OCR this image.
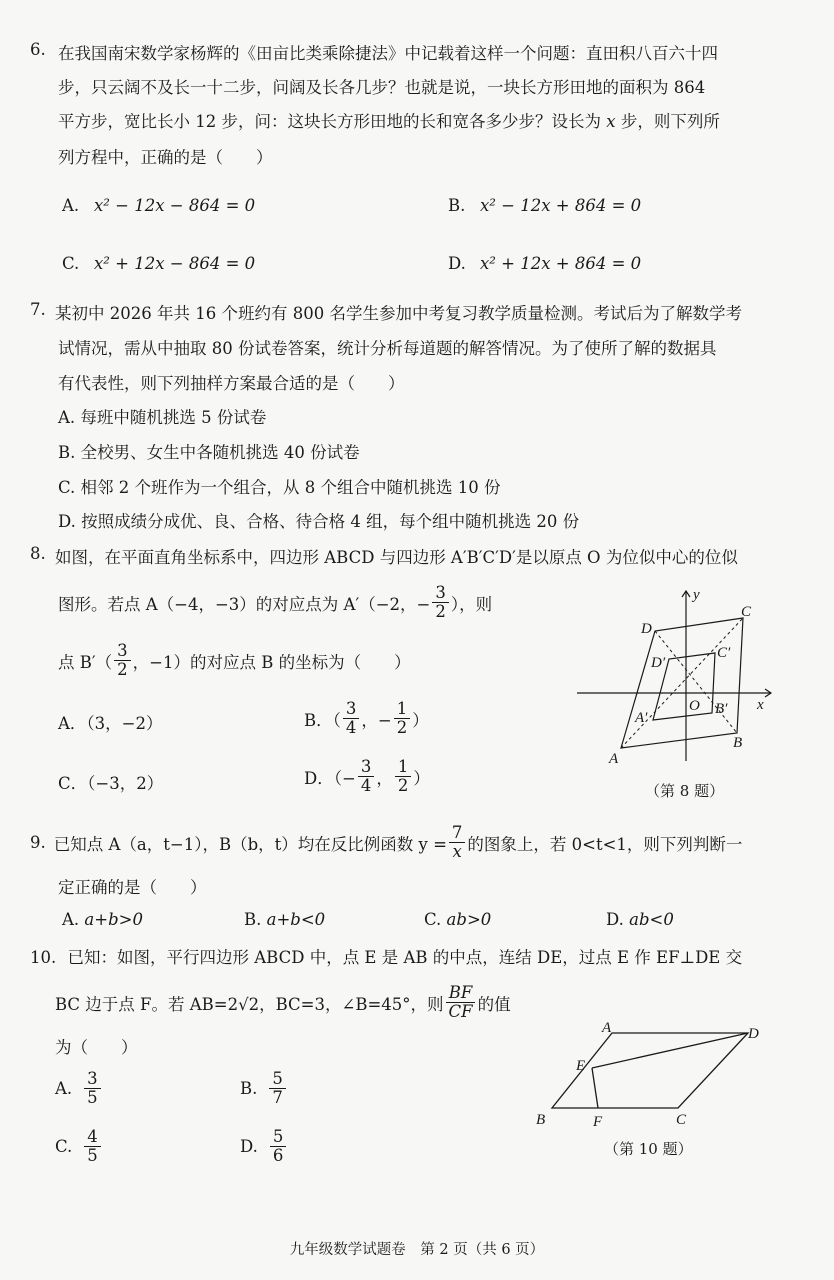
6. 在我国南宋数学家杨辉的《田亩比类乘除捷法》中记载着这样一个问题：直田积八百六十四
步，只云阔不及长一十二步，问阔及长各几步？也就是说，一块长方形田地的面积为 864
平方步，宽比长小 12 步，问：这块长方形田地的长和宽各多少步？设长为 x 步，则下列所
列方程中，正确的是（　　）
A. x² − 12x − 864 = 0	B. x² − 12x + 864 = 0
C. x² + 12x − 864 = 0	D. x² + 12x + 864 = 0
7. 某初中 2026 年共 16 个班约有 800 名学生参加中考复习教学质量检测。考试后为了解数学考
试情况，需从中抽取 80 份试卷答案，统计分析每道题的解答情况。为了使所了解的数据具
有代表性，则下列抽样方案最合适的是（　　）
A. 每班中随机挑选 5 份试卷
B. 全校男、女生中各随机挑选 40 份试卷
C. 相邻 2 个班作为一个组合，从 8 个组合中随机挑选 10 份
D. 按照成绩分成优、良、合格、待合格 4 组，每个组中随机挑选 20 份
8. 如图，在平面直角坐标系中，四边形 ABCD 与四边形 A′B′C′D′是以原点 O 为位似中心的位似
图形。若点 A（−4，−3）的对应点为 A′（−2，− $\frac{3}{2}$ ），则
点 $B'( \frac{3}{2}$ ，−1）的对应点 B 的坐标为（　　）
A．（3，−2）	B．（ $\frac{3}{4}$ ，− $\frac{1}{2}$ ）
C．（−3，2）	D．（− $\frac{3}{4}$ ， $\frac{1}{2}$ ）
C
D
D′
C′
A′
O B′
A
B
y
x
（第 8 题）
9. 已知点 A（a，t−1），B（b，t）均在反比例函数 $y = \frac{7}{x}$ 的图象上，若 0<t<1，则下列判断一
定正确的是（　　）
A. a+b>0	B. a+b<0	C. ab>0	D. ab<0
10. 已知：如图，平行四边形 ABCD 中，点 E 是 AB 的中点，连结 DE，过点 E 作 EF⊥DE 交
BC 边于点 F。若 AB=2√2，BC=3，∠B=45°，则 $\frac{BF}{CF}$ 的值
为（　　）
A. $\frac{3}{5}$	B. $\frac{5}{7}$
C. $\frac{4}{5}$	D. $\frac{5}{6}$
A	D
E
B	F	C
（第 10 题）
九年级数学试题卷　第 2 页（共 6 页）
